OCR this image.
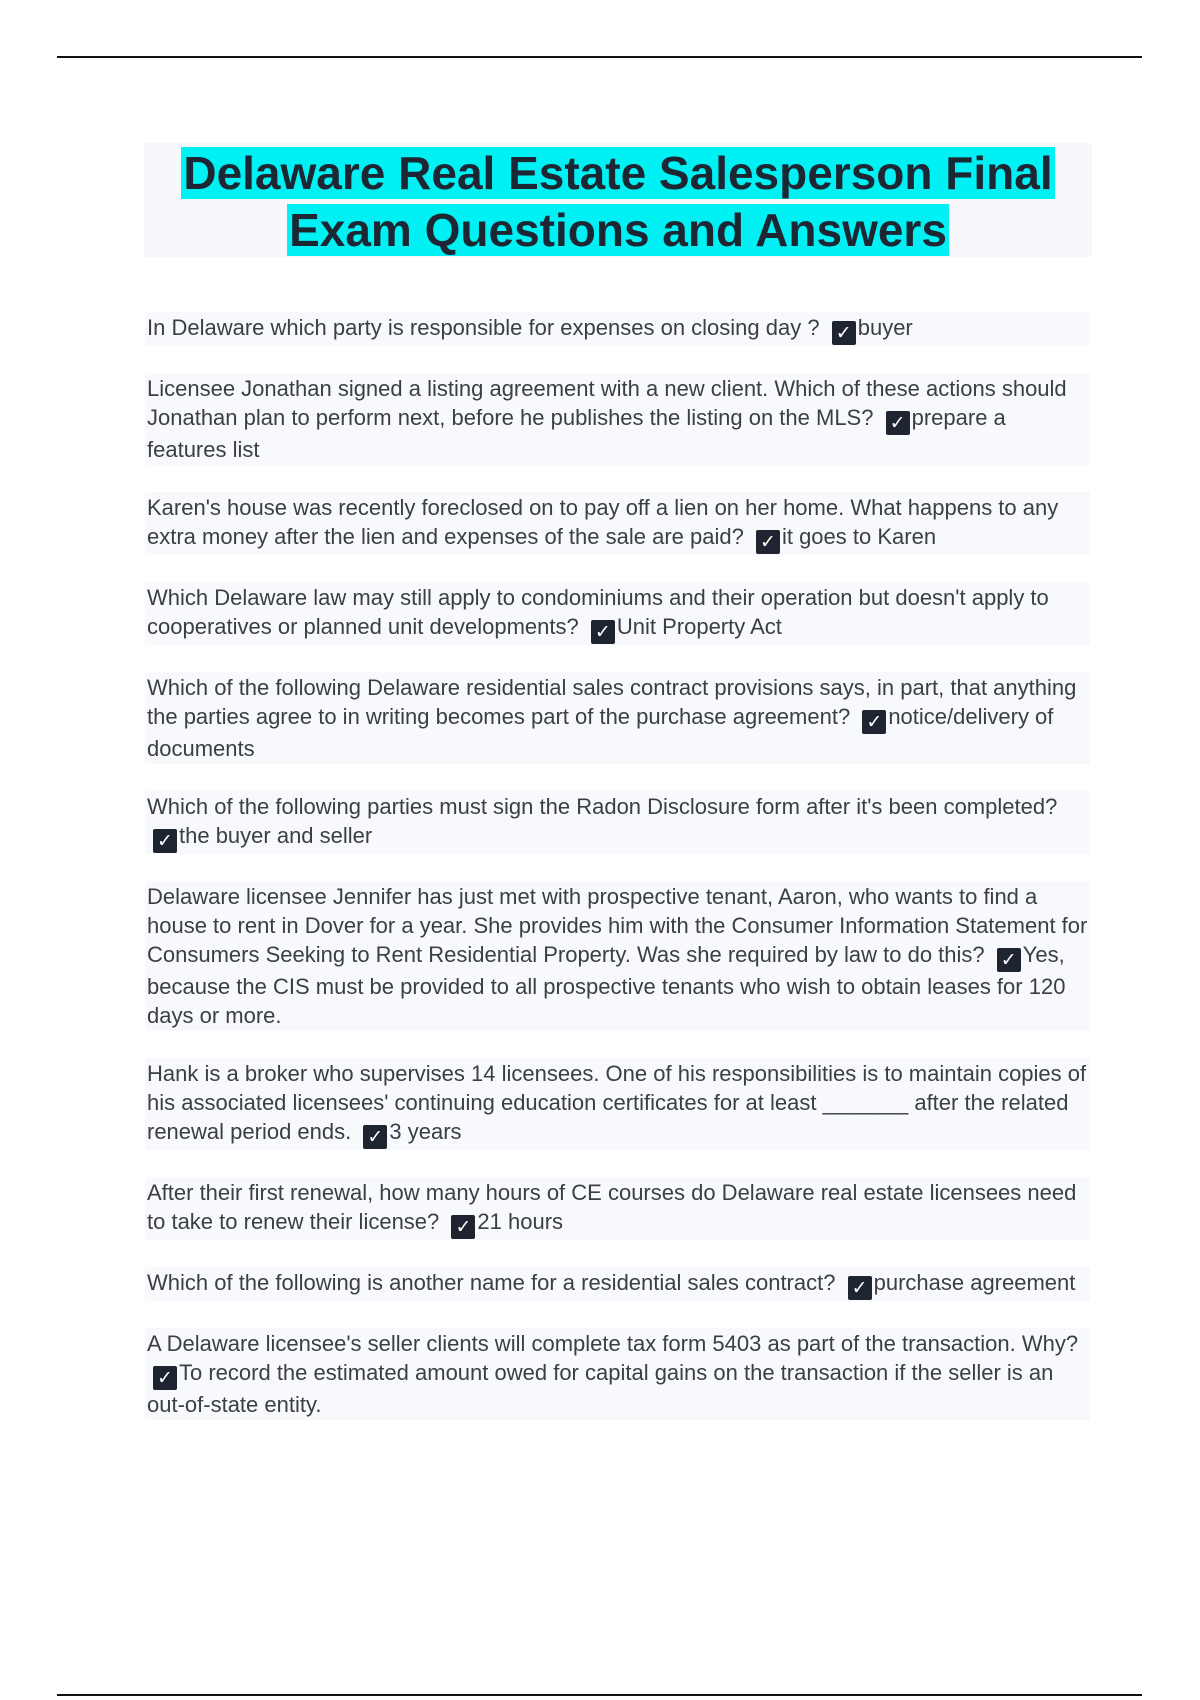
Delaware Real Estate Salesperson Final
Exam Questions and Answers

In Delaware which party is responsible for expenses on closing day ? ✓ buyer

Licensee Jonathan signed a listing agreement with a new client. Which of these actions should Jonathan plan to perform next, before he publishes the listing on the MLS? ✓ prepare a features list

Karen's house was recently foreclosed on to pay off a lien on her home. What happens to any extra money after the lien and expenses of the sale are paid? ✓ it goes to Karen

Which Delaware law may still apply to condominiums and their operation but doesn't apply to cooperatives or planned unit developments? ✓ Unit Property Act

Which of the following Delaware residential sales contract provisions says, in part, that anything the parties agree to in writing becomes part of the purchase agreement? ✓ notice/delivery of documents

Which of the following parties must sign the Radon Disclosure form after it's been completed? ✓ the buyer and seller

Delaware licensee Jennifer has just met with prospective tenant, Aaron, who wants to find a house to rent in Dover for a year. She provides him with the Consumer Information Statement for Consumers Seeking to Rent Residential Property. Was she required by law to do this? ✓ Yes, because the CIS must be provided to all prospective tenants who wish to obtain leases for 120 days or more.

Hank is a broker who supervises 14 licensees. One of his responsibilities is to maintain copies of his associated licensees' continuing education certificates for at least _______ after the related renewal period ends. ✓ 3 years

After their first renewal, how many hours of CE courses do Delaware real estate licensees need to take to renew their license? ✓ 21 hours

Which of the following is another name for a residential sales contract? ✓ purchase agreement

A Delaware licensee's seller clients will complete tax form 5403 as part of the transaction. Why? ✓ To record the estimated amount owed for capital gains on the transaction if the seller is an out-of-state entity.
